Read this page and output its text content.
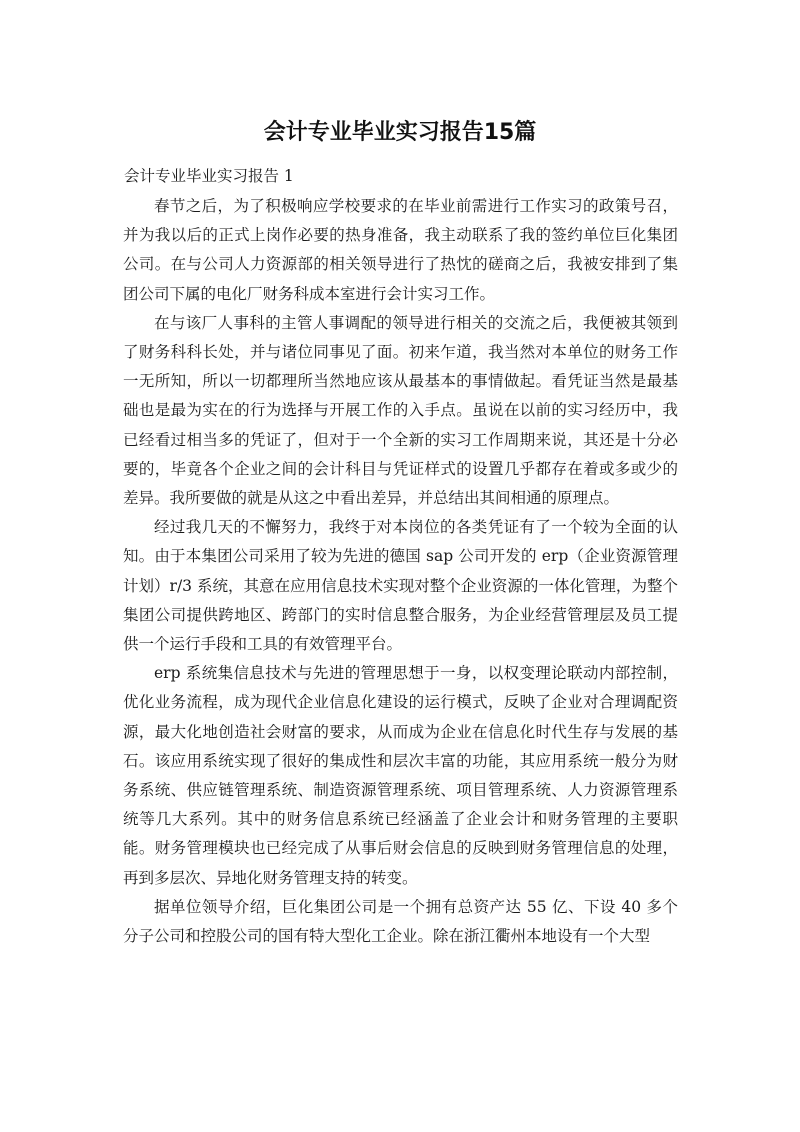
会计专业毕业实习报告15篇

会计专业毕业实习报告 1

春节之后，为了积极响应学校要求的在毕业前需进行工作实习的政策号召，并为我以后的正式上岗作必要的热身准备，我主动联系了我的签约单位巨化集团公司。在与公司人力资源部的相关领导进行了热忱的磋商之后，我被安排到了集团公司下属的电化厂财务科成本室进行会计实习工作。

在与该厂人事科的主管人事调配的领导进行相关的交流之后，我便被其领到了财务科科长处，并与诸位同事见了面。初来乍道，我当然对本单位的财务工作一无所知，所以一切都理所当然地应该从最基本的事情做起。看凭证当然是最基础也是最为实在的行为选择与开展工作的入手点。虽说在以前的实习经历中，我已经看过相当多的凭证了，但对于一个全新的实习工作周期来说，其还是十分必要的，毕竟各个企业之间的会计科目与凭证样式的设置几乎都存在着或多或少的差异。我所要做的就是从这之中看出差异，并总结出其间相通的原理点。

经过我几天的不懈努力，我终于对本岗位的各类凭证有了一个较为全面的认知。由于本集团公司采用了较为先进的德国 sap 公司开发的 erp（企业资源管理计划）r/3 系统，其意在应用信息技术实现对整个企业资源的一体化管理，为整个集团公司提供跨地区、跨部门的实时信息整合服务，为企业经营管理层及员工提供一个运行手段和工具的有效管理平台。

erp 系统集信息技术与先进的管理思想于一身，以权变理论联动内部控制，优化业务流程，成为现代企业信息化建设的运行模式，反映了企业对合理调配资源，最大化地创造社会财富的要求，从而成为企业在信息化时代生存与发展的基石。该应用系统实现了很好的集成性和层次丰富的功能，其应用系统一般分为财务系统、供应链管理系统、制造资源管理系统、项目管理系统、人力资源管理系统等几大系列。其中的财务信息系统已经涵盖了企业会计和财务管理的主要职能。财务管理模块也已经完成了从事后财会信息的反映到财务管理信息的处理，再到多层次、异地化财务管理支持的转变。

据单位领导介绍，巨化集团公司是一个拥有总资产达 55 亿、下设 40 多个分子公司和控股公司的国有特大型化工企业。除在浙江衢州本地设有一个大型
